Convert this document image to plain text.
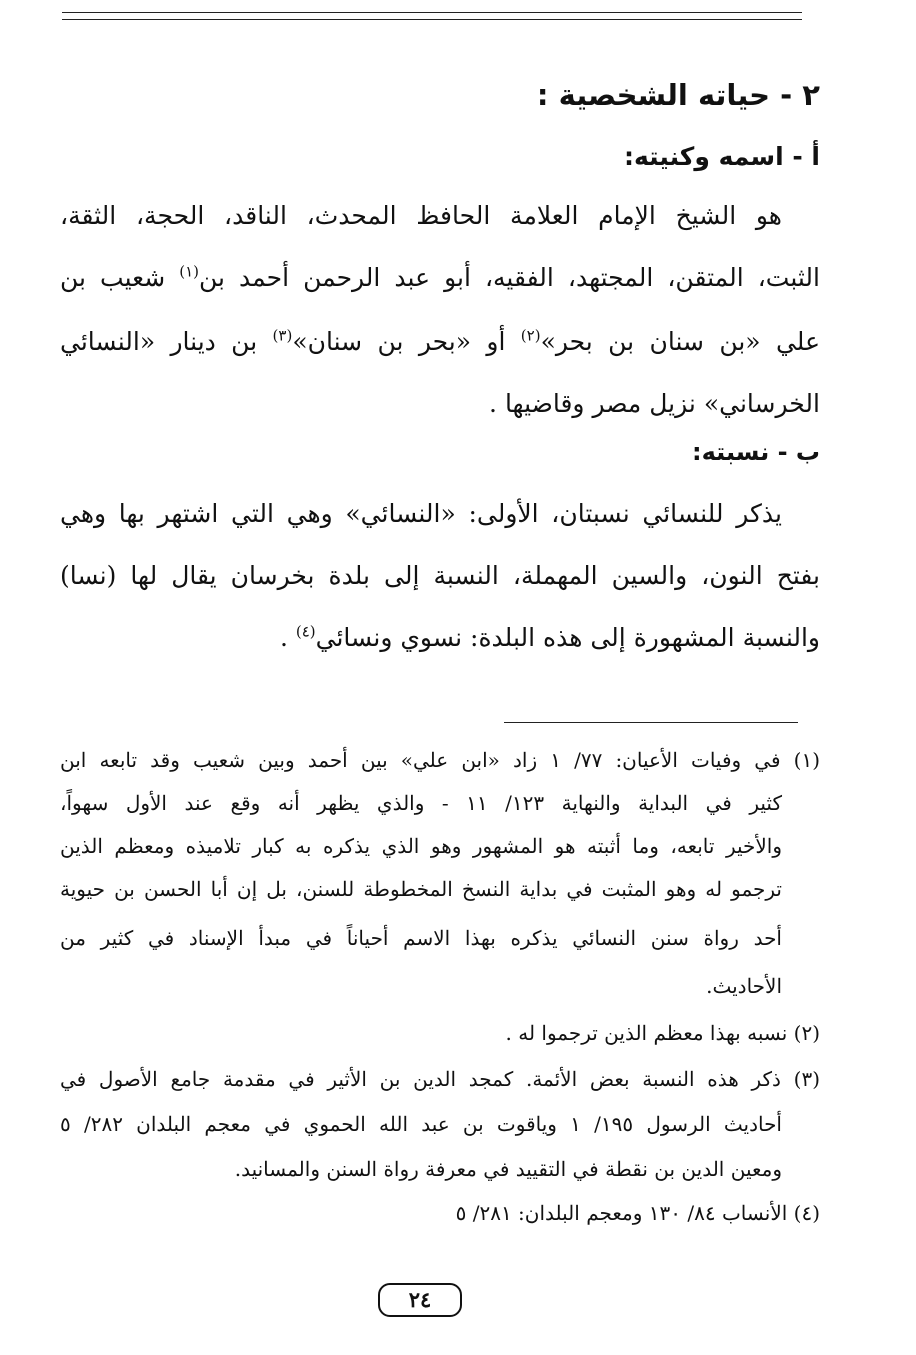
٢ - حياته الشخصية :
أ - اسمه وكنيته:
هو الشيخ الإمام العلامة الحافظ المحدث، الناقد، الحجة، الثقة،
الثبت، المتقن، المجتهد، الفقيه، أبو عبد الرحمن أحمد بن$^{(١)}$ شعيب بن
علي «بن سنان بن بحر»$^{(٢)}$ أو «بحر بن سنان»$^{(٣)}$ بن دينار «النسائي
الخرساني» نزيل مصر وقاضيها .
ب - نسبته:
يذكر للنسائي نسبتان، الأولى: «النسائي» وهي التي اشتهر بها وهي
بفتح النون، والسين المهملة، النسبة إلى بلدة بخرسان يقال لها (نسا)
والنسبة المشهورة إلى هذه البلدة: نسوي ونسائي$^{(٤)}$ .
(١) في وفيات الأعيان: ٧٧/ ١ زاد «ابن علي» بين أحمد وبين شعيب وقد تابعه ابن
كثير في البداية والنهاية ١٢٣/ ١١ - والذي يظهر أنه وقع عند الأول سهواً،
والأخير تابعه، وما أثبته هو المشهور وهو الذي يذكره به كبار تلاميذه ومعظم الذين
ترجمو له وهو المثبت في بداية النسخ المخطوطة للسنن، بل إن أبا الحسن بن حيوية
أحد رواة سنن النسائي يذكره بهذا الاسم أحياناً في مبدأ الإسناد في كثير من
الأحاديث.
(٢) نسبه بهذا معظم الذين ترجموا له .
(٣) ذكر هذه النسبة بعض الأئمة. كمجد الدين بن الأثير في مقدمة جامع الأصول في
أحاديث الرسول ١٩٥/ ١ وياقوت بن عبد الله الحموي في معجم البلدان ٢٨٢/ ٥
ومعين الدين بن نقطة في التقييد في معرفة رواة السنن والمسانيد.
(٤) الأنساب ٨٤/ ١٣٠ ومعجم البلدان: ٢٨١/ ٥
٢٤
